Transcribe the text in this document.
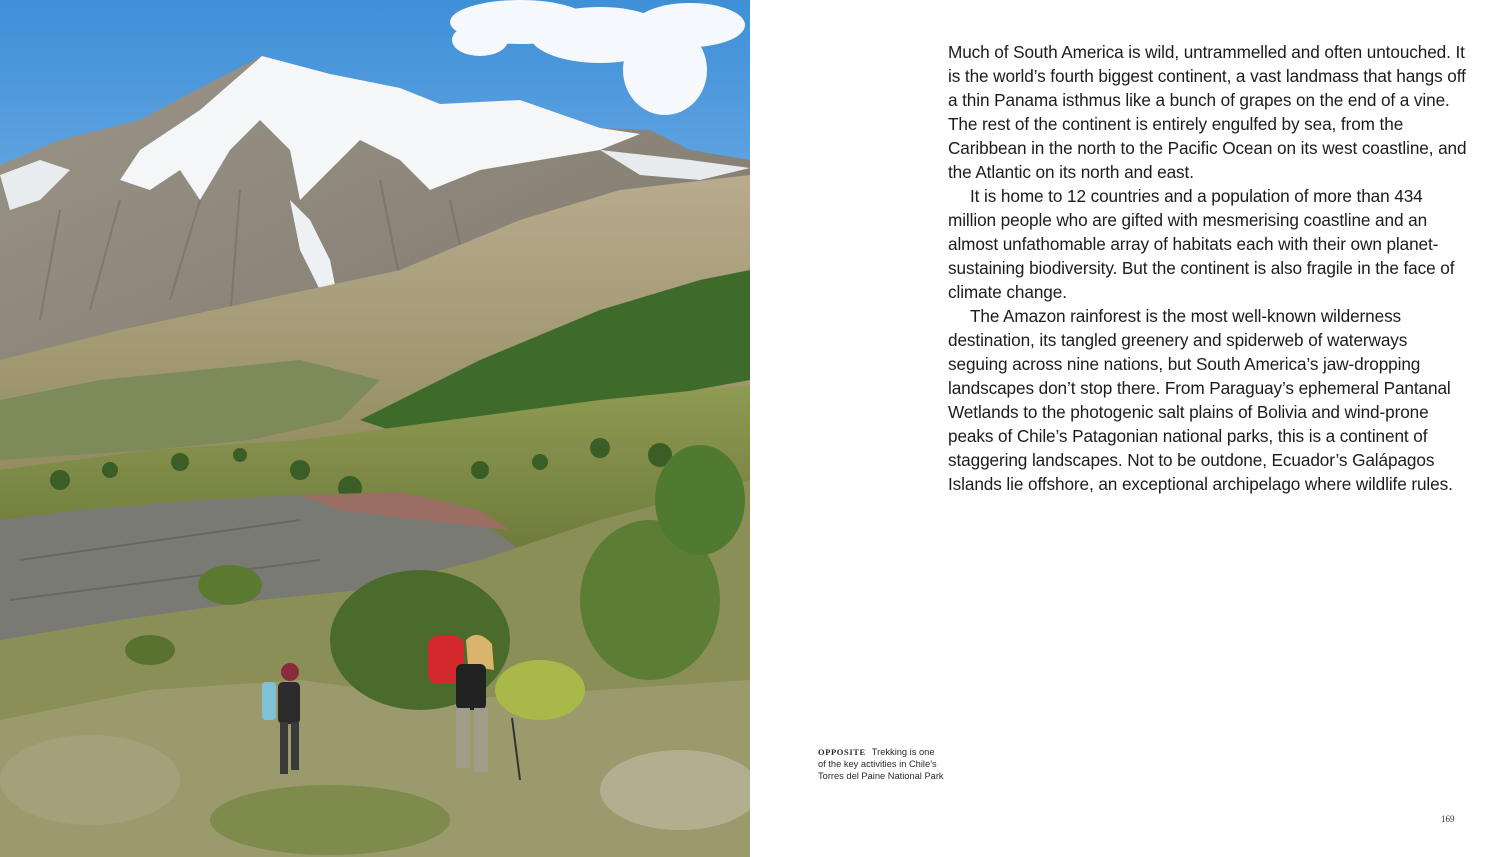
Much of South America is wild, untrammelled and often untouched. It is the world’s fourth biggest continent, a vast landmass that hangs off a thin Panama isthmus like a bunch of grapes on the end of a vine. The rest of the continent is entirely engulfed by sea, from the Caribbean in the north to the Pacific Ocean on its west coastline, and the Atlantic on its north and east.

It is home to 12 countries and a population of more than 434 million people who are gifted with mesmerising coastline and an almost unfathomable array of habitats each with their own planet-sustaining biodiversity. But the continent is also fragile in the face of climate change.

The Amazon rainforest is the most well-known wilderness destination, its tangled greenery and spiderweb of waterways seguing across nine nations, but South America’s jaw-dropping landscapes don’t stop there. From Paraguay’s ephemeral Pantanal Wetlands to the photogenic salt plains of Bolivia and wind-prone peaks of Chile’s Patagonian national parks, this is a continent of staggering landscapes. Not to be outdone, Ecuador’s Galápagos Islands lie offshore, an exceptional archipelago where wildlife rules.

OPPOSITE Trekking is one of the key activities in Chile’s Torres del Paine National Park
169
